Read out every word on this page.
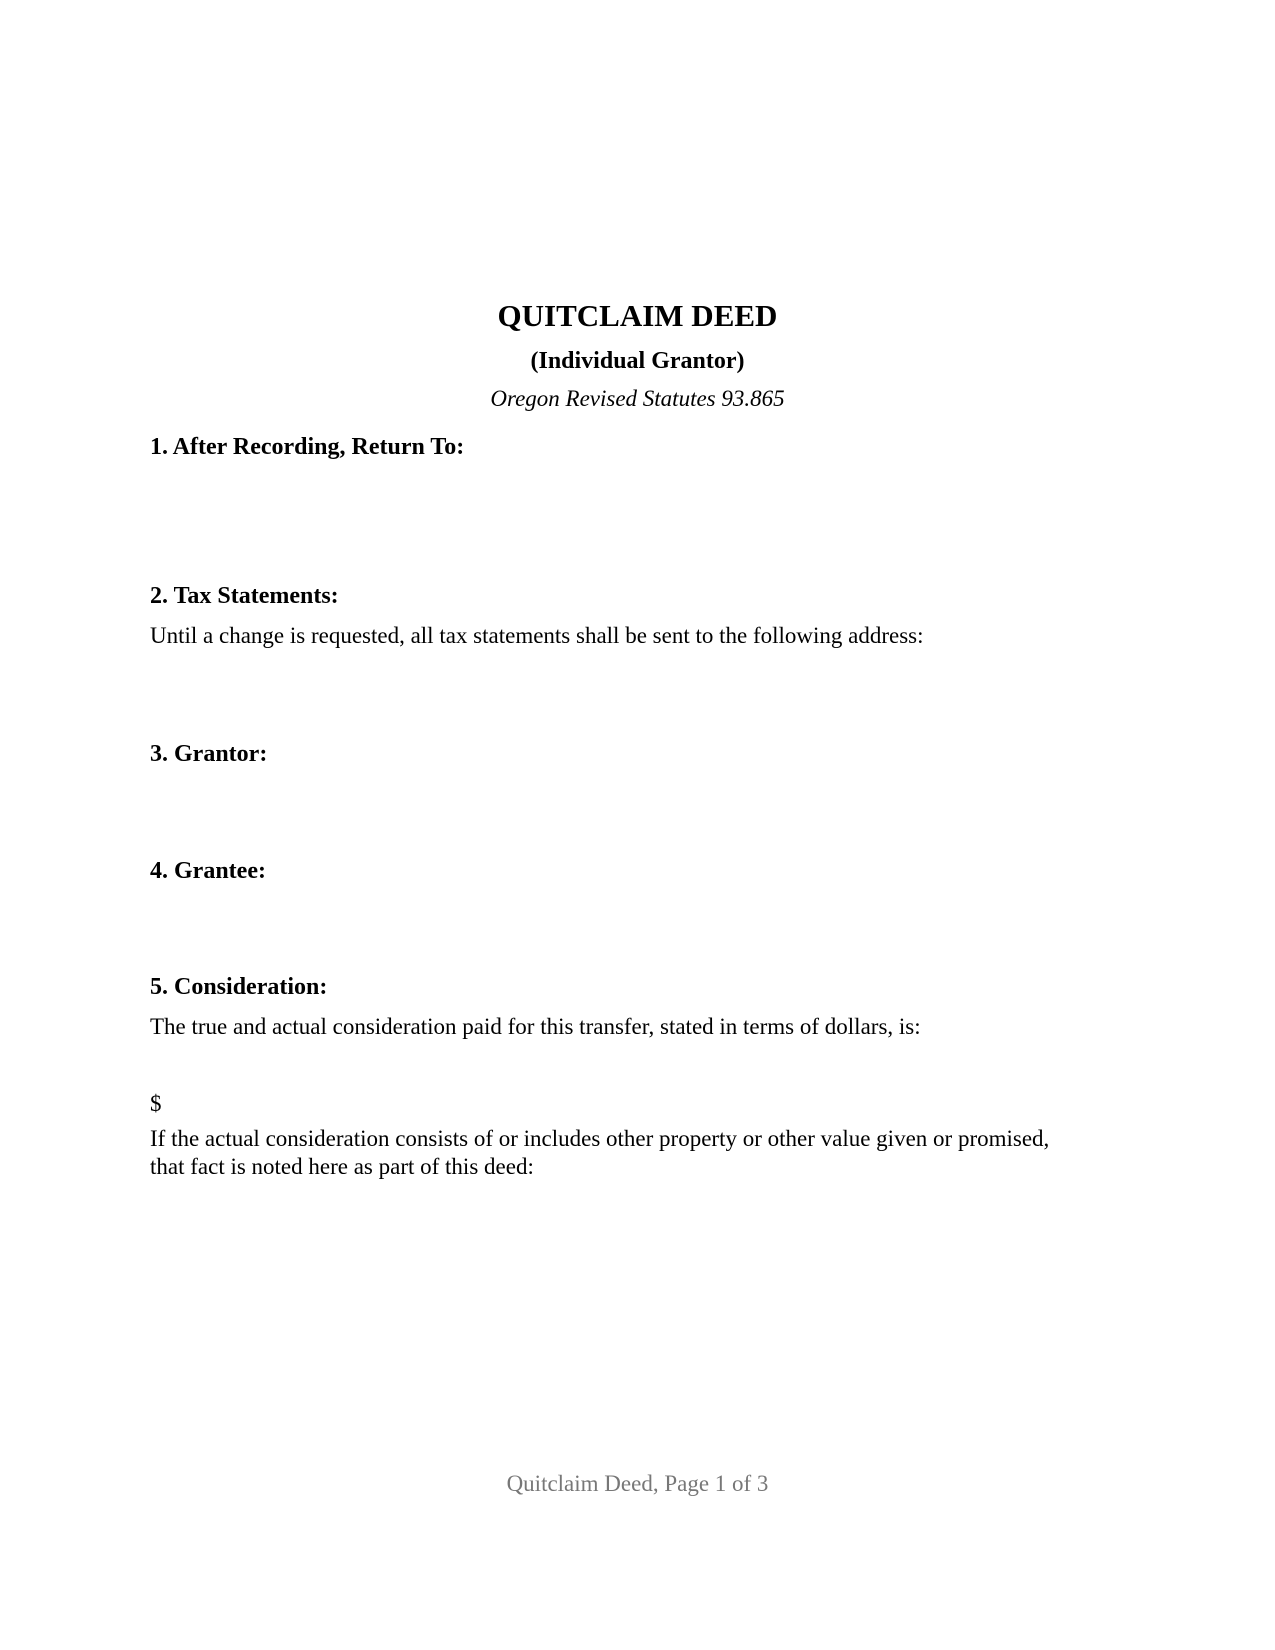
QUITCLAIM DEED
(Individual Grantor)
Oregon Revised Statutes 93.865
1. After Recording, Return To:
2. Tax Statements:
Until a change is requested, all tax statements shall be sent to the following address:
3. Grantor:
4. Grantee:
5. Consideration:
The true and actual consideration paid for this transfer, stated in terms of dollars, is:
$
If the actual consideration consists of or includes other property or other value given or promised, that fact is noted here as part of this deed:
Quitclaim Deed, Page 1 of 3
